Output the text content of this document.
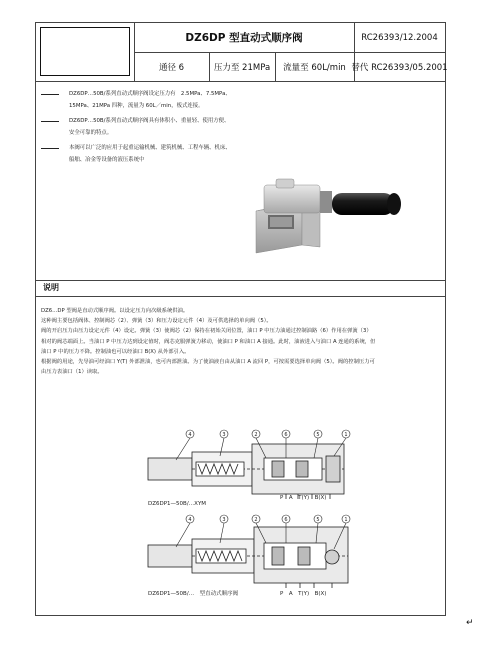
DZ6DP 型直动式顺序阀	RC26393/12.2004
通径 6	压力至 21MPa	流量至 60L/min 替代 RC26393/05.2001
DZ6DP…50B/系列直动式顺序阀设定压力有　2.5MPa、7.5MPa、
15MPa、21MPa 四种，流量为 60L／min，板式连接。
DZ6DP…50B/系列直动式顺序阀具有体积小、重量轻、使用方便、
安全可靠的特点。
本阀可以广泛的应用于起重运输机械、建筑机械、工程车辆、机床、
船舶、冶金等设备的液压系统中
说明
DZ6…DP 型阀是直动式顺序阀。以设定压力向次级系统供油。
这种阀主要包括阀体、控制阀芯（2）、弹簧（3）和压力设定元件（4）及可供选择的单向阀（5）。
阀的开启压力由压力设定元件（4）设定。弹簧（3）使阀芯（2）保持在初始关闭位置，油口 P 中压力油通过控制油路（6）作用在弹簧（3）
相对的阀芯端面上。当油口 P 中压力达到设定值时，阀芯克服弹簧力移动，使油口 P 和油口 A 接通。此时，油液进入与油口 A 连通的系统，但
油口 P 中的压力不降。控制油也可以经油口 B(X) 从外部引入。
根据阀的用途，先导油可经油口 Y(T) 外部泄油，也可内部泄油。为了使油液自由从油口 A 流回 P，可按需要选择单向阀（5）。阀的控制压力可
由压力表油口（1）读取。
4	3	2	6	5	1
DZ6DP1—50B/…XYM
P　A　T(Y)　B(X)
4	3	2	6	5	1
DZ6DP1—50B/…　型直动式顺序阀	P　A　T(Y)　B(X)
↵
